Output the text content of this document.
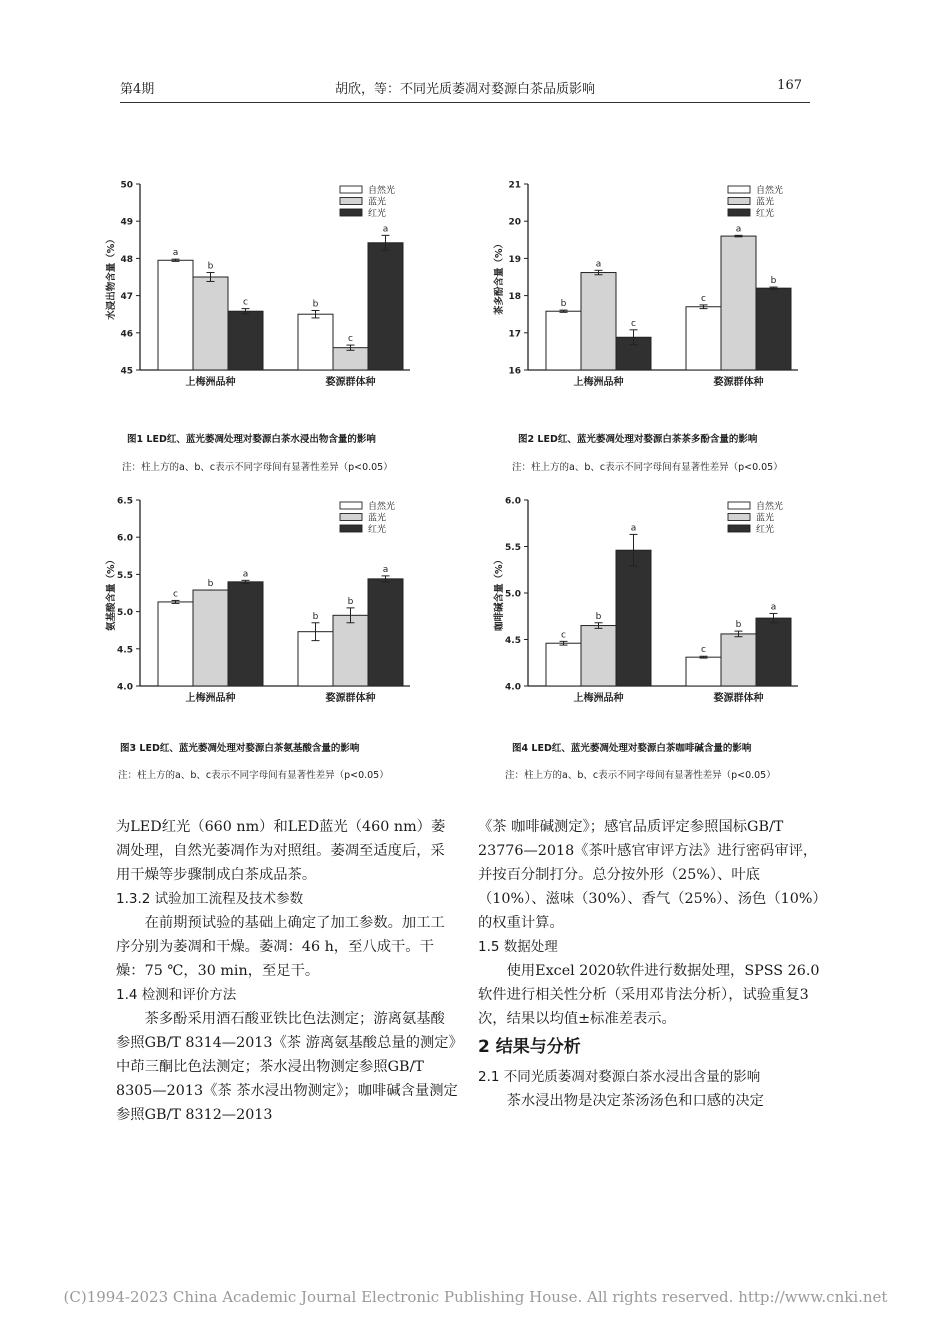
第4期	胡欣，等：不同光质萎凋对婺源白茶品质影响	167
45
46
47
48
49
50
水浸出物含量（%）	a
b
c
上梅洲品种
b
c
a
婺源群体种
自然光
蓝光
红光
16
17
18
19
20
21
茶多酚含量（%）	b
a
c
上梅洲品种
c
a
b
婺源群体种
自然光
蓝光
红光
4.0
4.5
5.0
5.5
6.0
6.5
氨基酸含量（%）	c
b
a
上梅洲品种
b
b
a
婺源群体种
自然光
蓝光
红光
4.0
4.5
5.0
5.5
6.0
咖啡碱含量（%）
c
b
a
上梅洲品种
c
b
a
婺源群体种
自然光
蓝光
红光
图1 LED红、蓝光萎凋处理对婺源白茶水浸出物含量的影响
注：柱上方的a、b、c表示不同字母间有显著性差异（p<0.05）
图2 LED红、蓝光萎凋处理对婺源白茶茶多酚含量的影响
注：柱上方的a、b、c表示不同字母间有显著性差异（p<0.05）
图3 LED红、蓝光萎凋处理对婺源白茶氨基酸含量的影响
注：柱上方的a、b、c表示不同字母间有显著性差异（p<0.05）
图4 LED红、蓝光萎凋处理对婺源白茶咖啡碱含量的影响
注：柱上方的a、b、c表示不同字母间有显著性差异（p<0.05）

为LED红光（660 nm）和LED蓝光（460 nm）萎凋处理，自然光萎凋作为对照组。萎凋至适度后，采用干燥等步骤制成白茶成品茶。

1.3.2 试验加工流程及技术参数

在前期预试验的基础上确定了加工参数。加工工序分别为萎凋和干燥。萎凋：46 h，至八成干。干燥：75 ℃，30 min，至足干。

1.4 检测和评价方法

茶多酚采用酒石酸亚铁比色法测定；游离氨基酸参照GB/T 8314—2013《茶 游离氨基酸总量的测定》中茚三酮比色法测定；茶水浸出物测定参照GB/T 8305—2013《茶 茶水浸出物测定》；咖啡碱含量测定参照GB/T 8312—2013

《茶 咖啡碱测定》；感官品质评定参照国标GB/T 23776—2018《茶叶感官审评方法》进行密码审评，并按百分制打分。总分按外形（25%）、叶底（10%）、滋味（30%）、香气（25%）、汤色（10%）的权重计算。

1.5 数据处理

使用Excel 2020软件进行数据处理，SPSS 26.0 软件进行相关性分析（采用邓肯法分析），试验重复3次，结果以均值±标准差表示。

2 结果与分析

2.1 不同光质萎凋对婺源白茶水浸出含量的影响

茶水浸出物是决定茶汤汤色和口感的决定

(C)1994-2023 China Academic Journal Electronic Publishing House. All rights reserved. http://www.cnki.net
